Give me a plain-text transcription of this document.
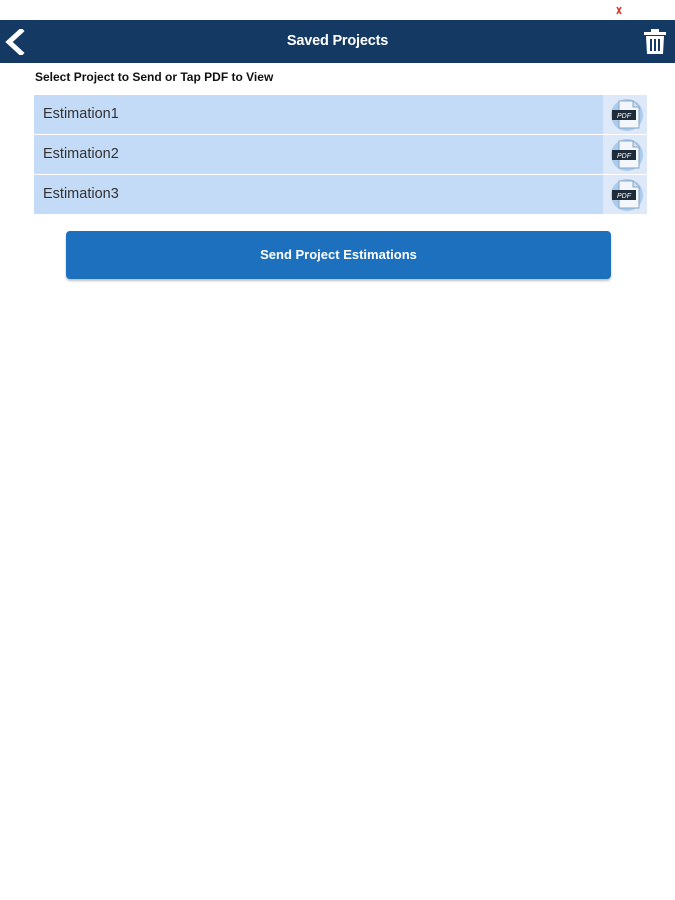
Saved Projects
Select Project to Send or Tap PDF to View
Estimation1	PDF
Estimation2	PDF
Estimation3	PDF
Send Project Estimations
